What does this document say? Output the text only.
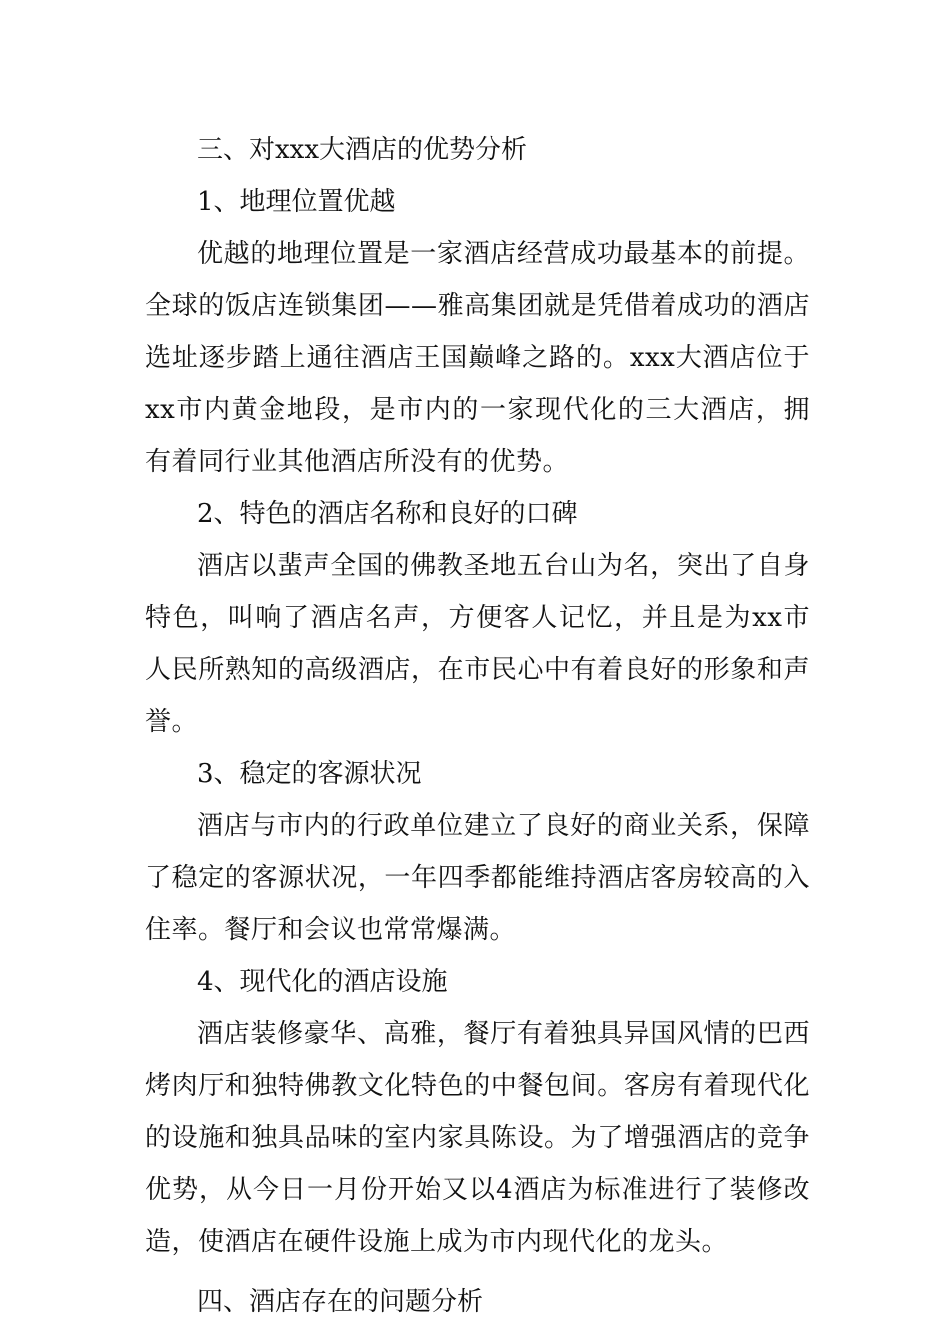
三、对xxx大酒店的优势分析

1、地理位置优越

优越的地理位置是一家酒店经营成功最基本的前提。全球的饭店连锁集团——雅高集团就是凭借着成功的酒店选址逐步踏上通往酒店王国巅峰之路的。xxx大酒店位于xx市内黄金地段，是市内的一家现代化的三大酒店，拥有着同行业其他酒店所没有的优势。

2、特色的酒店名称和良好的口碑

酒店以蜚声全国的佛教圣地五台山为名，突出了自身特色，叫响了酒店名声，方便客人记忆，并且是为xx市人民所熟知的高级酒店，在市民心中有着良好的形象和声誉。

3、稳定的客源状况

酒店与市内的行政单位建立了良好的商业关系，保障了稳定的客源状况，一年四季都能维持酒店客房较高的入住率。餐厅和会议也常常爆满。

4、现代化的酒店设施

酒店装修豪华、高雅，餐厅有着独具异国风情的巴西烤肉厅和独特佛教文化特色的中餐包间。客房有着现代化的设施和独具品味的室内家具陈设。为了增强酒店的竞争优势，从今日一月份开始又以4酒店为标准进行了装修改造，使酒店在硬件设施上成为市内现代化的龙头。

四、酒店存在的问题分析
